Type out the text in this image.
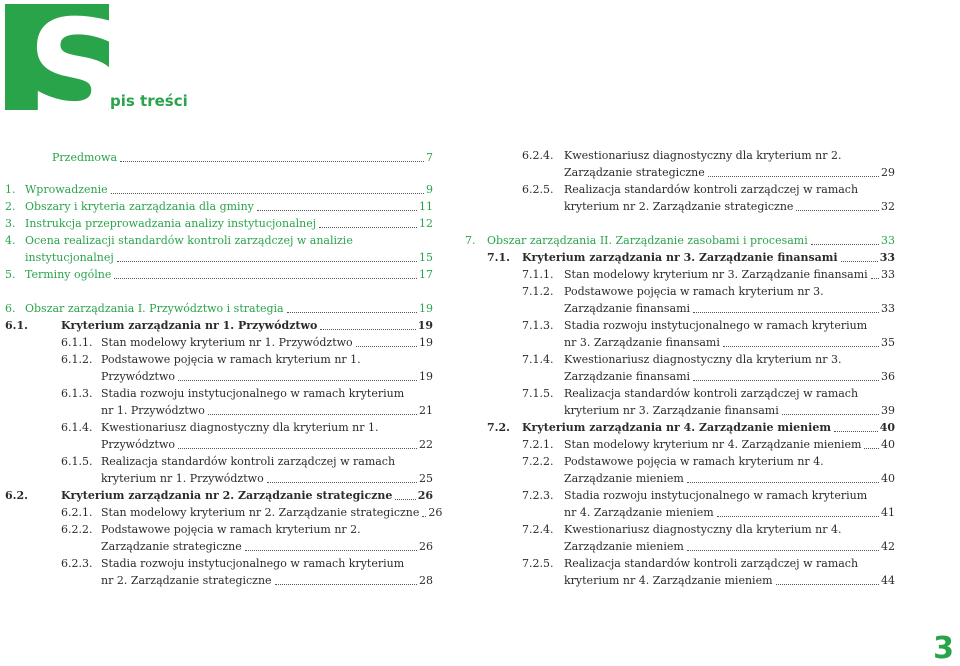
S
pis treści
Przedmowa	7
1. Wprowadzenie	9
2. Obszary i kryteria zarządzania dla gminy	11
3. Instrukcja przeprowadzania analizy instytucjonalnej	12
4. Ocena realizacji standardów kontroli zarządczej w analizie
instytucjonalnej	15
5. Terminy ogólne	17
6. Obszar zarządzania I. Przywództwo i strategia	19
6.1.	Kryterium zarządzania nr 1. Przywództwo	19
6.1.1. Stan modelowy kryterium nr 1. Przywództwo	19
6.1.2. Podstawowe pojęcia w ramach kryterium nr 1.
Przywództwo	19
6.1.3. Stadia rozwoju instytucjonalnego w ramach kryterium
nr 1. Przywództwo	21
6.1.4. Kwestionariusz diagnostyczny dla kryterium nr 1.
Przywództwo	22
6.1.5. Realizacja standardów kontroli zarządczej w ramach
kryterium nr 1. Przywództwo	25
6.2.	Kryterium zarządzania nr 2. Zarządzanie strategiczne 26
6.2.1. Stan modelowy kryterium nr 2. Zarządzanie strategiczne 26
6.2.2. Podstawowe pojęcia w ramach kryterium nr 2.
Zarządzanie strategiczne	26
6.2.3. Stadia rozwoju instytucjonalnego w ramach kryterium
nr 2. Zarządzanie strategiczne	28
6.2.4. Kwestionariusz diagnostyczny dla kryterium nr 2.
Zarządzanie strategiczne	29
6.2.5. Realizacja standardów kontroli zarządczej w ramach
kryterium nr 2. Zarządzanie strategiczne	32
7. Obszar zarządzania II. Zarządzanie zasobami i procesami	33
7.1. Kryterium zarządzania nr 3. Zarządzanie finansami	33
7.1.1. Stan modelowy kryterium nr 3. Zarządzanie finansami 33
7.1.2. Podstawowe pojęcia w ramach kryterium nr 3.
Zarządzanie finansami	33
7.1.3. Stadia rozwoju instytucjonalnego w ramach kryterium
nr 3. Zarządzanie finansami	35
7.1.4. Kwestionariusz diagnostyczny dla kryterium nr 3.
Zarządzanie finansami	36
7.1.5. Realizacja standardów kontroli zarządczej w ramach
kryterium nr 3. Zarządzanie finansami	39
7.2. Kryterium zarządzania nr 4. Zarządzanie mieniem	40
7.2.1. Stan modelowy kryterium nr 4. Zarządzanie mieniem 40
7.2.2. Podstawowe pojęcia w ramach kryterium nr 4.
Zarządzanie mieniem	40
7.2.3. Stadia rozwoju instytucjonalnego w ramach kryterium
nr 4. Zarządzanie mieniem	41
7.2.4. Kwestionariusz diagnostyczny dla kryterium nr 4.
Zarządzanie mieniem	42
7.2.5. Realizacja standardów kontroli zarządczej w ramach
kryterium nr 4. Zarządzanie mieniem	44
3
